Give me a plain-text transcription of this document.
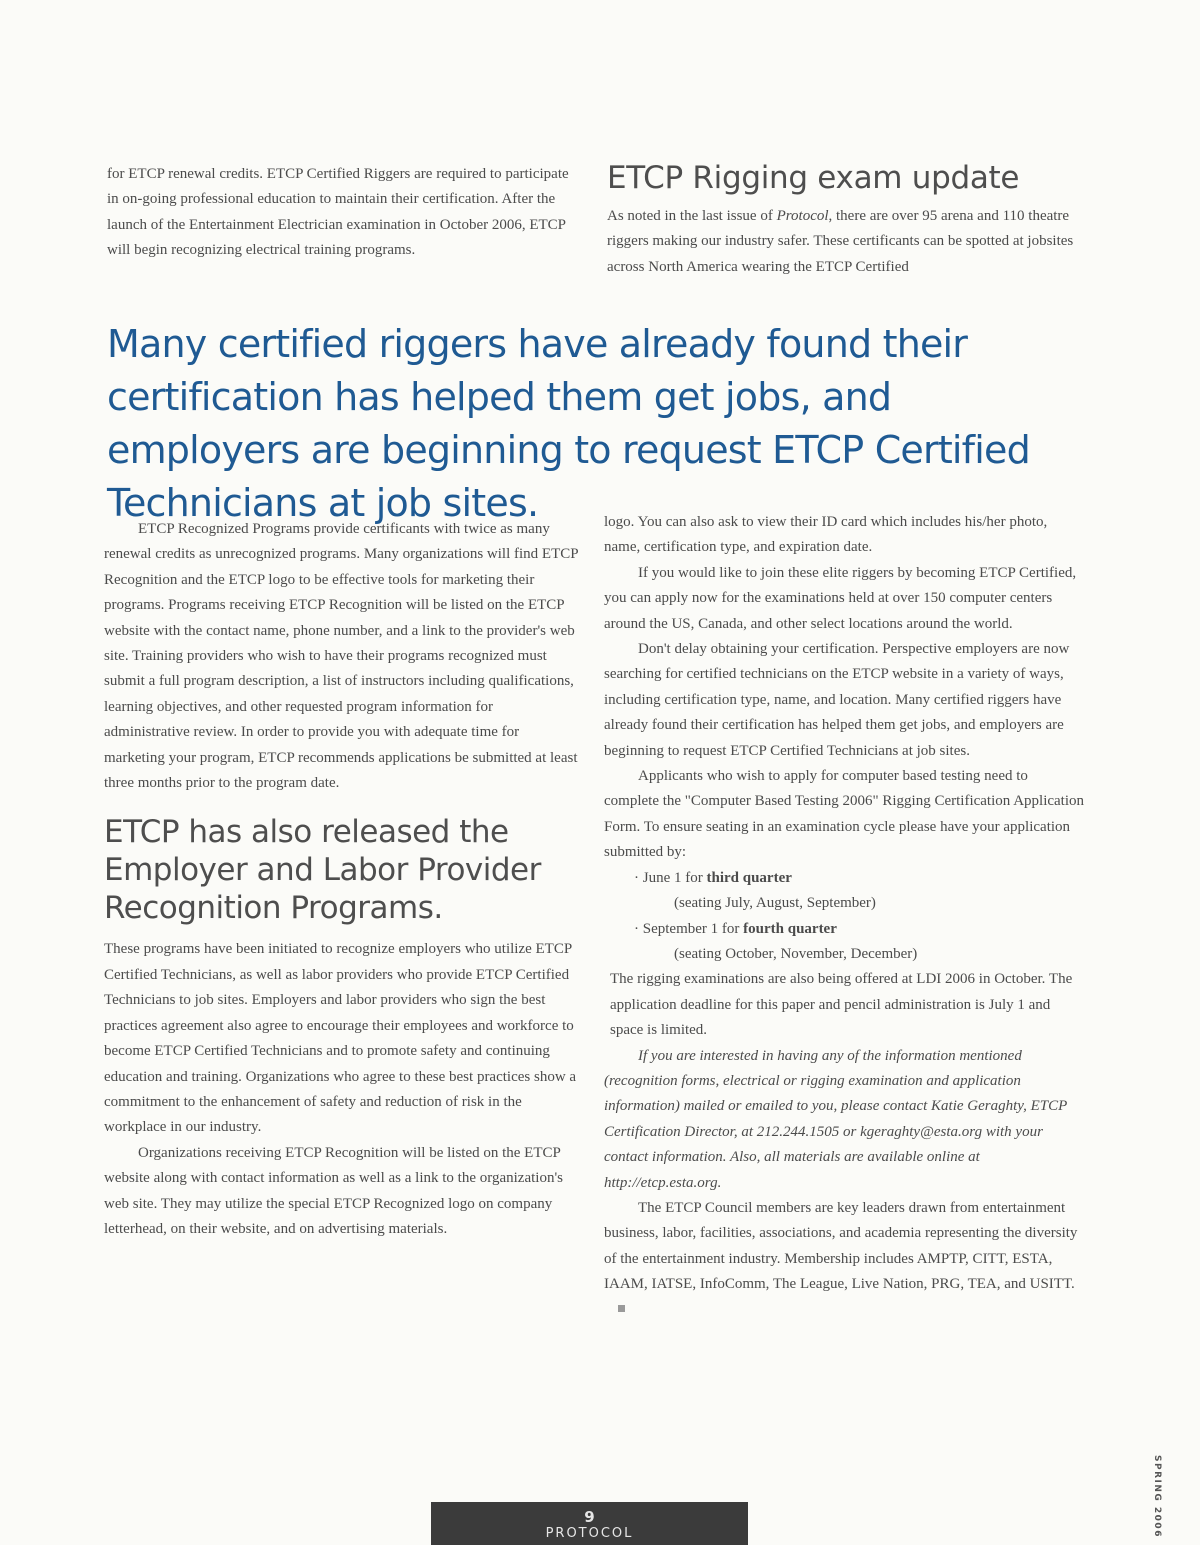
for ETCP renewal credits. ETCP Certified Riggers are required to participate in on-going professional education to maintain their certification. After the launch of the Entertainment Electrician examination in October 2006, ETCP will begin recognizing electrical training programs.

ETCP Rigging exam update

As noted in the last issue of Protocol, there are over 95 arena and 110 theatre riggers making our industry safer. These certificants can be spotted at jobsites across North America wearing the ETCP Certified

Many certified riggers have already found their certification has helped them get jobs, and employers are beginning to request ETCP Certified Technicians at job sites.

ETCP Recognized Programs provide certificants with twice as many renewal credits as unrecognized programs. Many organizations will find ETCP Recognition and the ETCP logo to be effective tools for marketing their programs. Programs receiving ETCP Recognition will be listed on the ETCP website with the contact name, phone number, and a link to the provider's web site. Training providers who wish to have their programs recognized must submit a full program description, a list of instructors including qualifications, learning objectives, and other requested program information for administrative review. In order to provide you with adequate time for marketing your program, ETCP recommends applications be submitted at least three months prior to the program date.

ETCP has also released the Employer and Labor Provider Recognition Programs.

These programs have been initiated to recognize employers who utilize ETCP Certified Technicians, as well as labor providers who provide ETCP Certified Technicians to job sites. Employers and labor providers who sign the best practices agreement also agree to encourage their employees and workforce to become ETCP Certified Technicians and to promote safety and continuing education and training. Organizations who agree to these best practices show a commitment to the enhancement of safety and reduction of risk in the workplace in our industry.

Organizations receiving ETCP Recognition will be listed on the ETCP website along with contact information as well as a link to the organization's web site. They may utilize the special ETCP Recognized logo on company letterhead, on their website, and on advertising materials.

logo. You can also ask to view their ID card which includes his/her photo, name, certification type, and expiration date.

If you would like to join these elite riggers by becoming ETCP Certified, you can apply now for the examinations held at over 150 computer centers around the US, Canada, and other select locations around the world.

Don't delay obtaining your certification. Perspective employers are now searching for certified technicians on the ETCP website in a variety of ways, including certification type, name, and location. Many certified riggers have already found their certification has helped them get jobs, and employers are beginning to request ETCP Certified Technicians at job sites.

Applicants who wish to apply for computer based testing need to complete the "Computer Based Testing 2006" Rigging Certification Application Form. To ensure seating in an examination cycle please have your application submitted by:

· June 1 for third quarter

(seating July, August, September)

· September 1 for fourth quarter

(seating October, November, December)

The rigging examinations are also being offered at LDI 2006 in October. The application deadline for this paper and pencil administration is July 1 and space is limited.

If you are interested in having any of the information mentioned (recognition forms, electrical or rigging examination and application information) mailed or emailed to you, please contact Katie Geraghty, ETCP Certification Director, at 212.244.1505 or kgeraghty@esta.org with your contact information. Also, all materials are available online at http://etcp.esta.org.

The ETCP Council members are key leaders drawn from entertainment business, labor, facilities, associations, and academia representing the diversity of the entertainment industry. Membership includes AMPTP, CITT, ESTA, IAAM, IATSE, InfoComm, The League, Live Nation, PRG, TEA, and USITT.

SPRING 2006
9
PROTOCOL
